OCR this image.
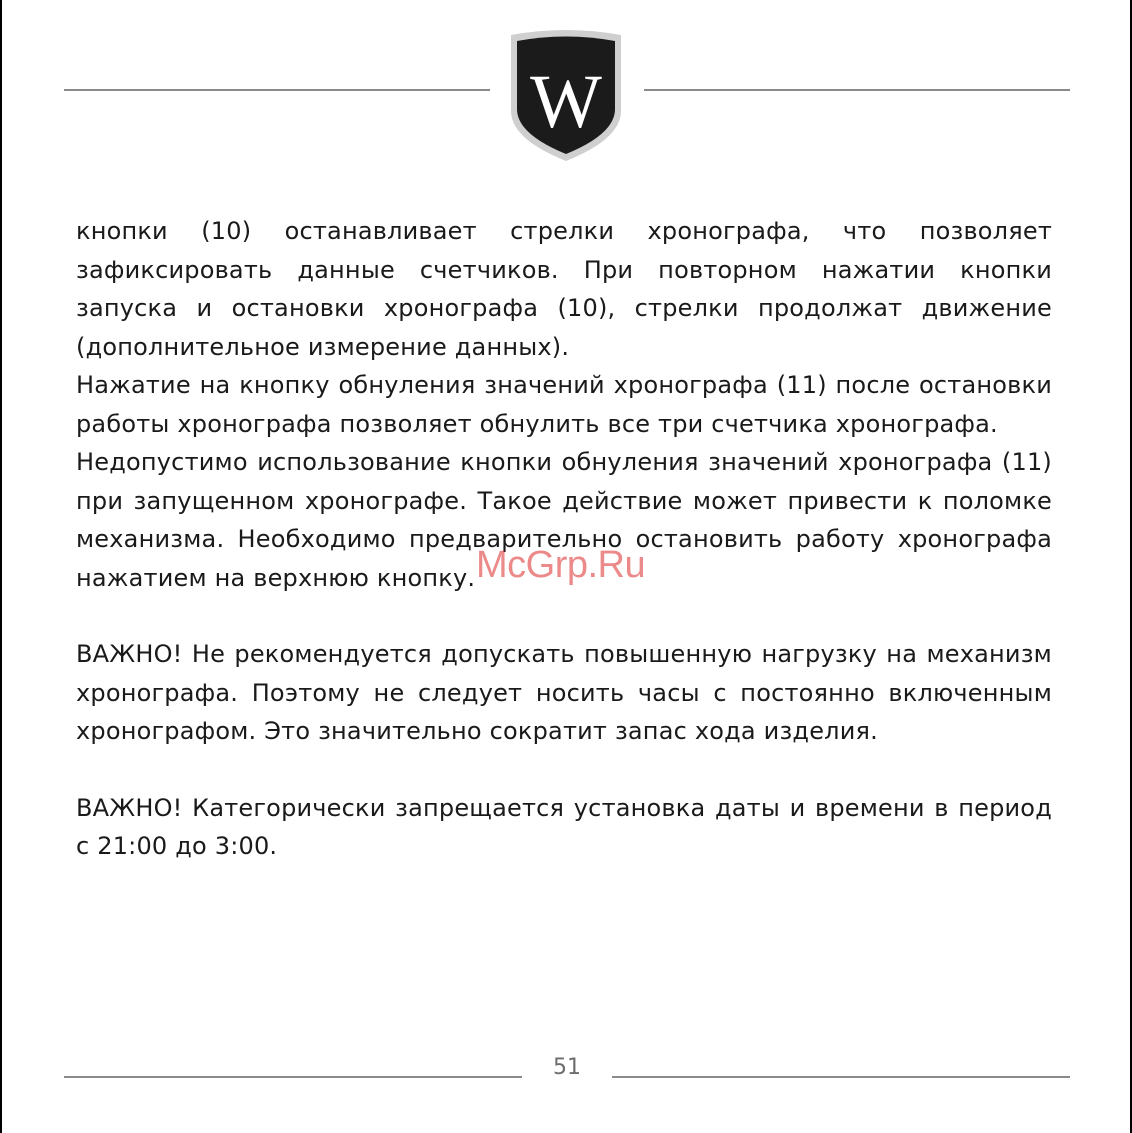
W

кнопки (10) останавливает стрелки хронографа, что позволяет зафиксировать данные счетчиков. При повторном нажатии кнопки запуска и остановки хронографа (10), стрелки продолжат движение (дополнительное измерение данных).

Нажатие на кнопку обнуления значений хронографа (11) после остановки работы хронографа позволяет обнулить все три счетчика хронографа.

Недопустимо использование кнопки обнуления значений хронографа (11) при запущенном хронографе. Такое действие может привести к поломке механизма. Необходимо предварительно остановить работу хронографа нажатием на верхнюю кнопку.

ВАЖНО! Не рекомендуется допускать повышенную нагрузку на механизм хронографа. Поэтому не следует носить часы с постоянно включенным хронографом. Это значительно сократит запас хода изделия.

ВАЖНО! Категорически запрещается установка даты и времени в период с 21:00 до 3:00.

McGrp.Ru
51
